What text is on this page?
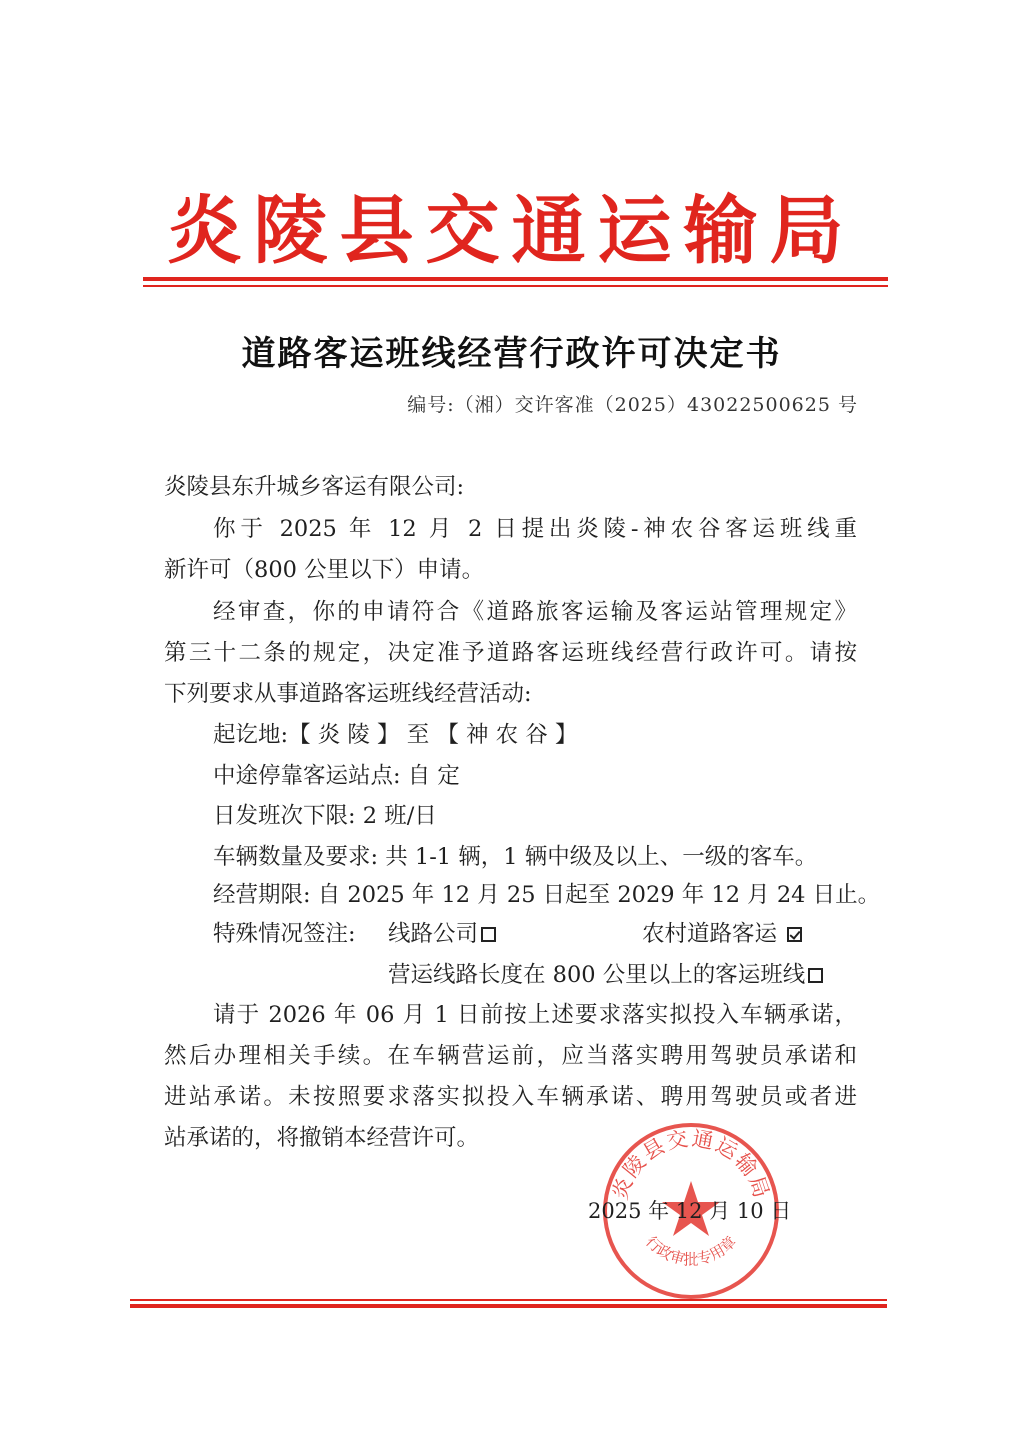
炎陵县交通运输局
道路客运班线经营行政许可决定书
编号:（湘）交许客准（2025）43022500625 号
炎陵县东升城乡客运有限公司:
你于 2025 年 12 月 2 日提出炎陵-神农谷客运班线重
新许可（800 公里以下）申请。
经审查，你的申请符合《道路旅客运输及客运站管理规定》
第三十二条的规定，决定准予道路客运班线经营行政许可。请按
下列要求从事道路客运班线经营活动:
起讫地:【 炎 陵 】 至 【 神 农 谷 】
中途停靠客运站点: 自 定
日发班次下限: 2 班/日
车辆数量及要求: 共 1-1 辆，1 辆中级及以上、一级的客车。
经营期限: 自 2025 年 12 月 25 日起至 2029 年 12 月 24 日止。
特殊情况签注: 线路公司	农村道路客运
营运线路长度在 800 公里以上的客运班线
请于 2026 年 06 月 1 日前按上述要求落实拟投入车辆承诺，
然后办理相关手续。在车辆营运前，应当落实聘用驾驶员承诺和
进站承诺。未按照要求落实拟投入车辆承诺、聘用驾驶员或者进
站承诺的，将撤销本经营许可。
炎陵县交通运输局
行政审批专用章
2025 年 12 月 10 日
